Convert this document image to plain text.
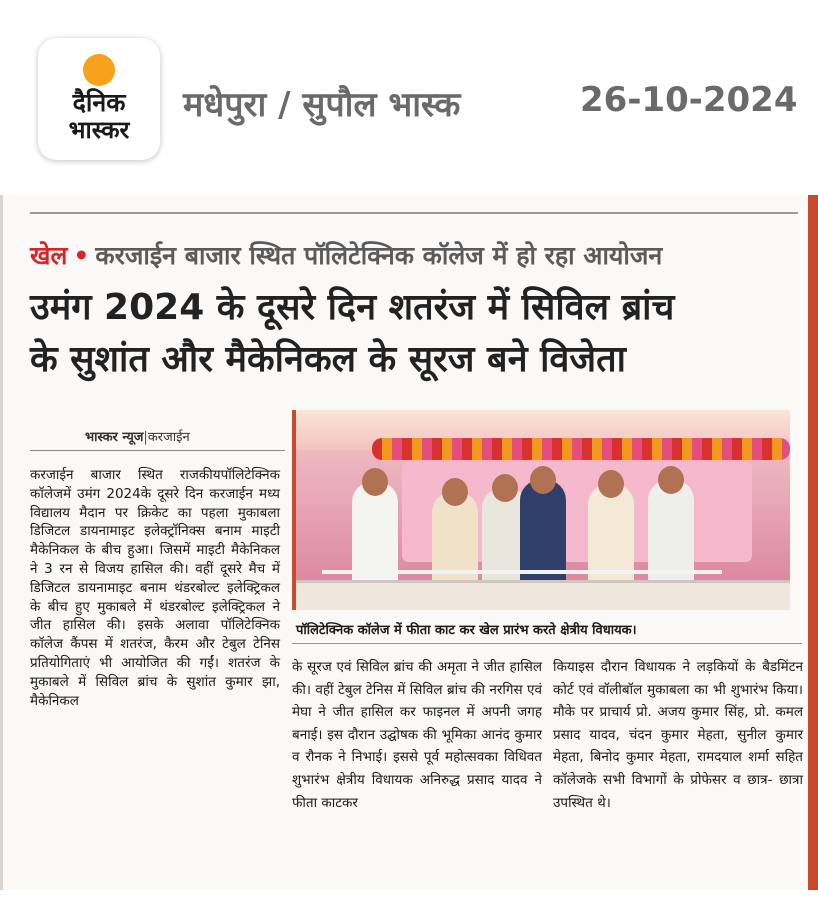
दैनिक
भास्कर
मधेपुरा / सुपौल भास्क	26-10-2024
खेल • करजाईन बाजार स्थित पॉलिटेक्निक कॉलेज में हो रहा आयोजन
उमंग 2024 के दूसरे दिन शतरंज में सिविल ब्रांच
के सुशांत और मैकेनिकल के सूरज बने विजेता
भास्कर न्यूज|करजाईन

करजाईन बाजार स्थित राजकीयपॉलिटेक्निक कॉलेजमें उमंग 2024के दूसरे दिन करजाईन मध्य विद्यालय मैदान पर क्रिकेट का पहला मुकाबला डिजिटल डायनामाइट इलेक्ट्रॉनिक्स बनाम माइटी मैकेनिकल के बीच हुआ। जिसमें माइटी मैकेनिकल ने 3 रन से विजय हासिल की। वहीं दूसरे मैच में डिजिटल डायनामाइट बनाम थंडरबोल्ट इलेक्ट्रिकल के बीच हुए मुकाबले में थंडरबोल्ट इलेक्ट्रिकल ने जीत हासिल की। इसके अलावा पॉलिटेक्निक कॉलेज कैंपस में शतरंज, कैरम और टेबुल टेनिस प्रतियोगिताएं भी आयोजित की गईं। शतरंज के मुकाबले में सिविल ब्रांच के सुशांत कुमार झा, मैकेनिकल

पॉलिटेक्निक कॉलेज में फीता काट कर खेल प्रारंभ करते क्षेत्रीय विधायक।

के सूरज एवं सिविल ब्रांच की अमृता ने जीत हासिल की। वहीं टेबुल टेनिस में सिविल ब्रांच की नरगिस एवं मेघा ने जीत हासिल कर फाइनल में अपनी जगह बनाई। इस दौरान उद्घोषक की भूमिका आनंद कुमार व रौनक ने निभाई। इससे पूर्व महोत्सवका विधिवत शुभारंभ क्षेत्रीय विधायक अनिरुद्ध प्रसाद यादव ने फीता काटकर

कियाइस दौरान विधायक ने लड़कियों के बैडमिंटन कोर्ट एवं वॉलीबॉल मुकाबला का भी शुभारंभ किया। मौके पर प्राचार्य प्रो. अजय कुमार सिंह, प्रो. कमल प्रसाद यादव, चंदन कुमार मेहता, सुनील कुमार मेहता, बिनोद कुमार मेहता, रामदयाल शर्मा सहित कॉलेजके सभी विभागों के प्रोफेसर व छात्र- छात्रा उपस्थित थे।
